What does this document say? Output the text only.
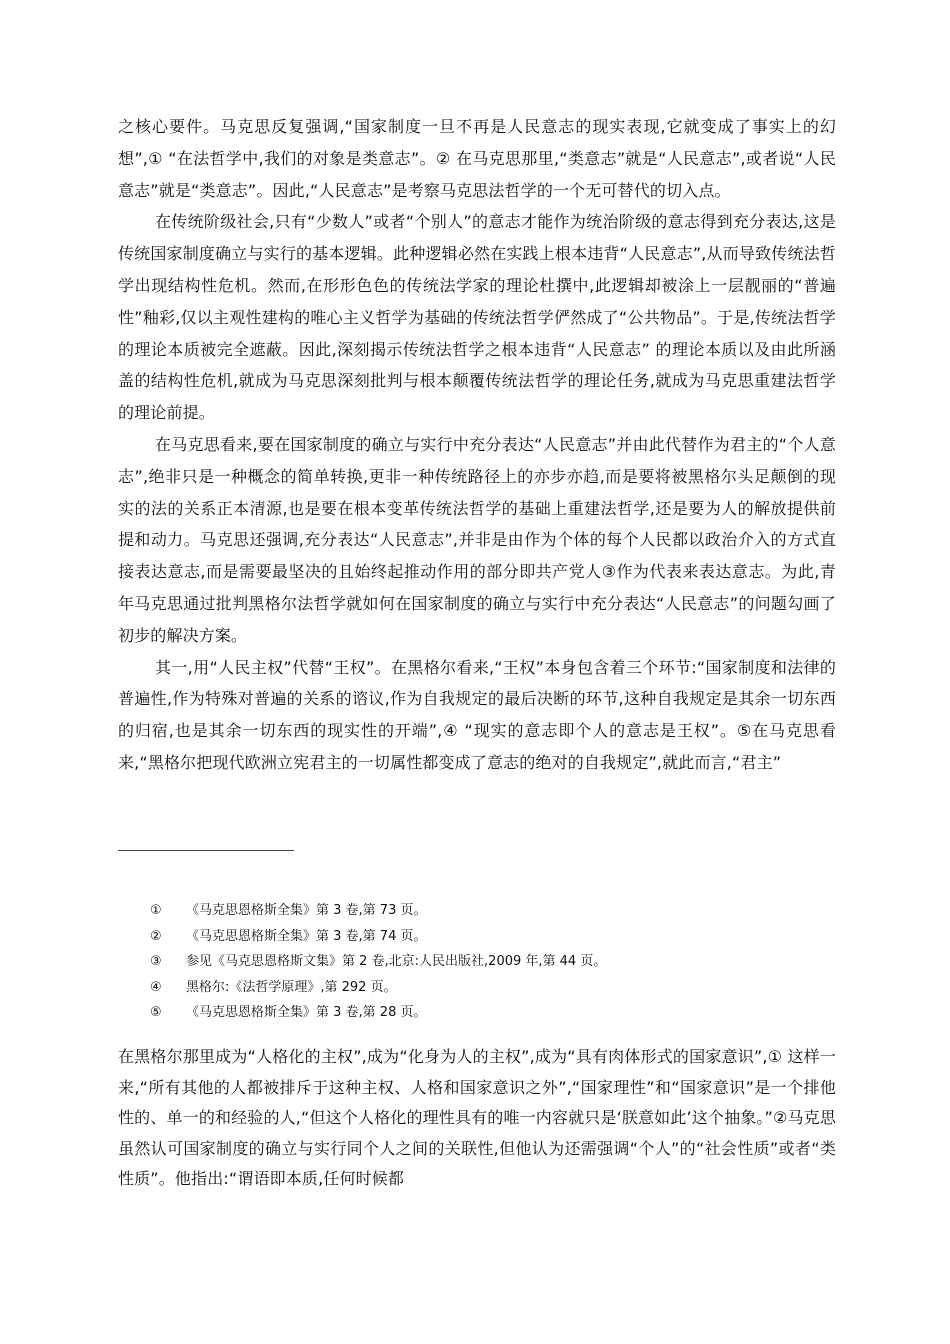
之核心要件。马克思反复强调,“国家制度一旦不再是人民意志的现实表现,它就变成了事实上的幻想”,① “在法哲学中,我们的对象是类意志”。② 在马克思那里,“类意志”就是“人民意志”,或者说“人民意志”就是“类意志”。因此,“人民意志”是考察马克思法哲学的一个无可替代的切入点。

在传统阶级社会,只有“少数人”或者“个别人”的意志才能作为统治阶级的意志得到充分表达,这是传统国家制度确立与实行的基本逻辑。此种逻辑必然在实践上根本违背“人民意志”,从而导致传统法哲学出现结构性危机。然而,在形形色色的传统法学家的理论杜撰中,此逻辑却被涂上一层靓丽的“普遍性”釉彩,仅以主观性建构的唯心主义哲学为基础的传统法哲学俨然成了“公共物品”。于是,传统法哲学的理论本质被完全遮蔽。因此,深刻揭示传统法哲学之根本违背“人民意志” 的理论本质以及由此所涵盖的结构性危机,就成为马克思深刻批判与根本颠覆传统法哲学的理论任务,就成为马克思重建法哲学的理论前提。

在马克思看来,要在国家制度的确立与实行中充分表达“人民意志”并由此代替作为君主的“个人意志”,绝非只是一种概念的简单转换,更非一种传统路径上的亦步亦趋,而是要将被黑格尔头足颠倒的现实的法的关系正本清源,也是要在根本变革传统法哲学的基础上重建法哲学,还是要为人的解放提供前提和动力。马克思还强调,充分表达“人民意志”,并非是由作为个体的每个人民都以政治介入的方式直接表达意志,而是需要最坚决的且始终起推动作用的部分即共产党人③作为代表来表达意志。为此,青年马克思通过批判黑格尔法哲学就如何在国家制度的确立与实行中充分表达“人民意志”的问题勾画了初步的解决方案。

其一,用“人民主权”代替“王权”。在黑格尔看来,“王权”本身包含着三个环节:“国家制度和法律的普遍性,作为特殊对普遍的关系的谘议,作为自我规定的最后决断的环节,这种自我规定是其余一切东西的归宿,也是其余一切东西的现实性的开端”,④ “现实的意志即个人的意志是王权”。⑤在马克思看来,“黑格尔把现代欧洲立宪君主的一切属性都变成了意志的绝对的自我规定”,就此而言,“君主”

① 《马克思恩格斯全集》第 3 卷,第 73 页。
② 《马克思恩格斯全集》第 3 卷,第 74 页。
③ 参见《马克思恩格斯文集》第 2 卷,北京:人民出版社,2009 年,第 44 页。
④ 黑格尔:《法哲学原理》,第 292 页。
⑤ 《马克思恩格斯全集》第 3 卷,第 28 页。

在黑格尔那里成为“人格化的主权”,成为“化身为人的主权”,成为“具有肉体形式的国家意识”,① 这样一来,“所有其他的人都被排斥于这种主权、人格和国家意识之外”,“国家理性”和“国家意识”是一个排他性的、单一的和经验的人,“但这个人格化的理性具有的唯一内容就只是‘朕意如此’这个抽象。”②马克思虽然认可国家制度的确立与实行同个人之间的关联性,但他认为还需强调“个人”的“社会性质”或者“类性质”。他指出:“谓语即本质,任何时候都
